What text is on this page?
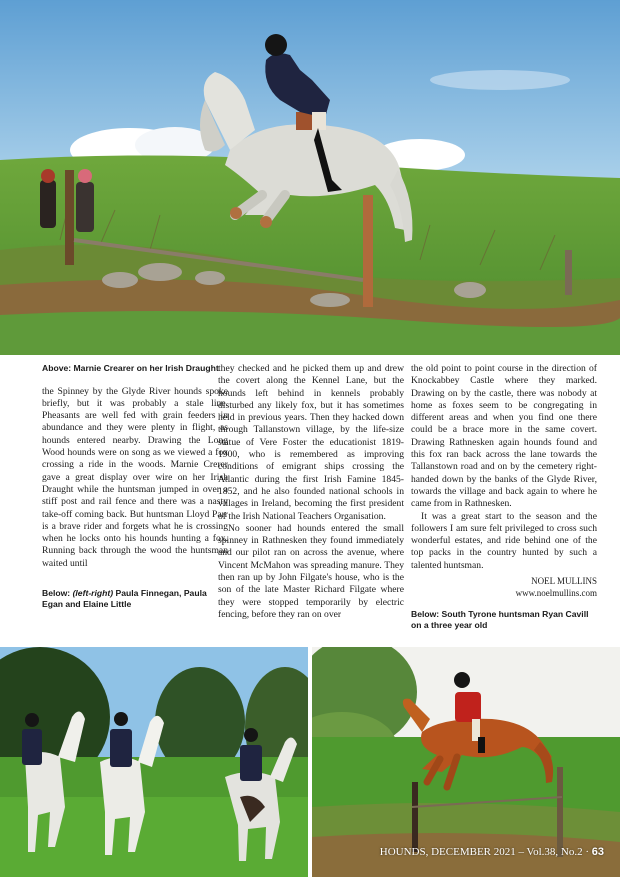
Above: Marnie Crearer on her Irish Draught

the Spinney by the Glyde River hounds spoke briefly, but it was probably a stale line. Pheasants are well fed with grain feeders in abundance and they were plenty in flight, as hounds entered nearby. Drawing the Long Wood hounds were on song as we viewed a fox crossing a ride in the woods. Marnie Crerer gave a great display over wire on her Irish Draught while the huntsman jumped in over a stiff post and rail fence and there was a nasty take-off coming back. But huntsman Lloyd Parr is a brave rider and forgets what he is crossing when he locks onto his hounds hunting a fox. Running back through the wood the huntsman waited until

Below: (left-right) Paula Finnegan, Paula Egan and Elaine Little

they checked and he picked them up and drew the covert along the Kennel Lane, but the hounds left behind in kennels probably disturbed any likely fox, but it has sometimes held in previous years. Then they hacked down through Tallanstown village, by the life-size statue of Vere Foster the educationist 1819-1900, who is remembered as improving conditions of emigrant ships crossing the Atlantic during the first Irish Famine 1845-1852, and he also founded national schools in villages in Ireland, becoming the first president of the Irish National Teachers Organisation.

No sooner had hounds entered the small spinney in Rathnesken they found immediately and our pilot ran on across the avenue, where Vincent McMahon was spreading manure. They then ran up by John Filgate's house, who is the son of the late Master Richard Filgate where they were stopped temporarily by electric fencing, before they ran on over

the old point to point course in the direction of Knockabbey Castle where they marked. Drawing on by the castle, there was nobody at home as foxes seem to be congregating in different areas and when you find one there could be a brace more in the same covert. Drawing Rathnesken again hounds found and this fox ran back across the lane towards the Tallanstown road and on by the cemetery right-handed down by the banks of the Glyde River, towards the village and back again to where he came from in Rathnesken.

It was a great start to the season and the followers I am sure felt privileged to cross such wonderful estates, and ride behind one of the top packs in the country hunted by such a talented huntsman.

NOEL MULLINS
www.noelmullins.com
Below: South Tyrone huntsman Ryan Cavill on a three year old
HOUNDS, DECEMBER 2021 – Vol.38, No.2 · 63
